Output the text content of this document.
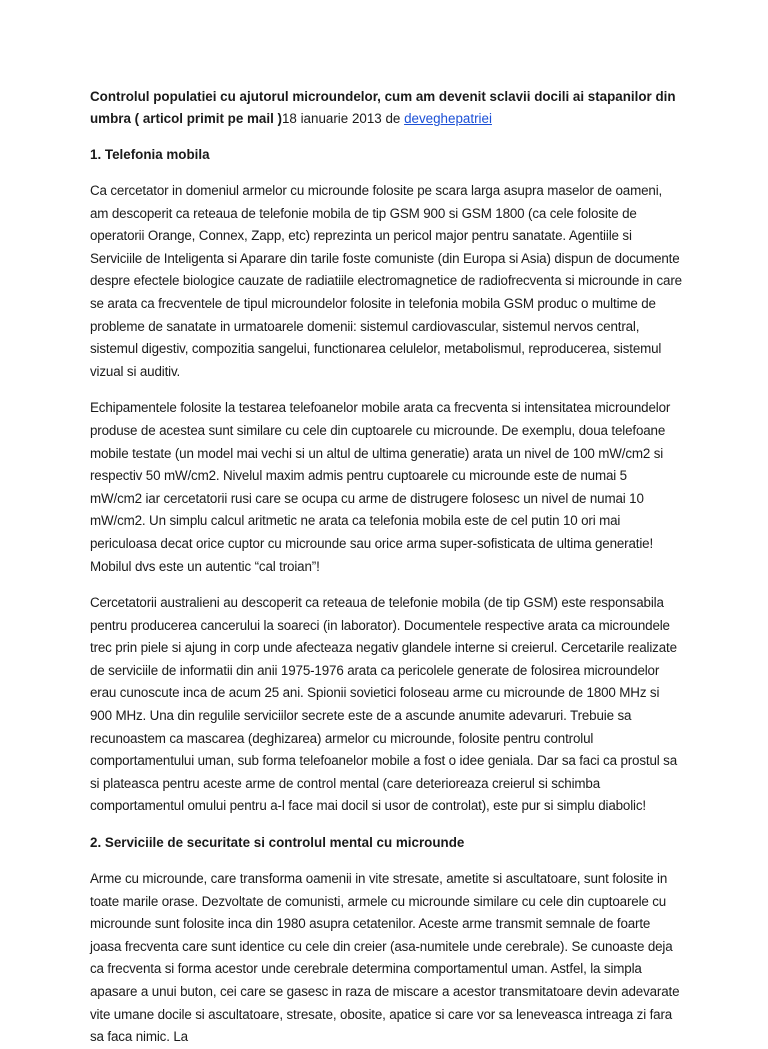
Controlul populatiei cu ajutorul microundelor, cum am devenit sclavii docili ai stapanilor din umbra ( articol primit pe mail )18 ianuarie 2013 de deveghepatriei

1. Telefonia mobila

Ca cercetator in domeniul armelor cu microunde folosite pe scara larga asupra maselor de oameni, am descoperit ca reteaua de telefonie mobila de tip GSM 900 si GSM 1800 (ca cele folosite de operatorii Orange, Connex, Zapp, etc) reprezinta un pericol major pentru sanatate. Agentiile si Serviciile de Inteligenta si Aparare din tarile foste comuniste (din Europa si Asia) dispun de documente despre efectele biologice cauzate de radiatiile electromagnetice de radiofrecventa si microunde in care se arata ca frecventele de tipul microundelor folosite in telefonia mobila GSM produc o multime de probleme de sanatate in urmatoarele domenii: sistemul cardiovascular, sistemul nervos central, sistemul digestiv, compozitia sangelui, functionarea celulelor, metabolismul, reproducerea, sistemul vizual si auditiv.

Echipamentele folosite la testarea telefoanelor mobile arata ca frecventa si intensitatea microundelor produse de acestea sunt similare cu cele din cuptoarele cu microunde. De exemplu, doua telefoane mobile testate (un model mai vechi si un altul de ultima generatie) arata un nivel de 100 mW/cm2 si respectiv 50 mW/cm2. Nivelul maxim admis pentru cuptoarele cu microunde este de numai 5 mW/cm2 iar cercetatorii rusi care se ocupa cu arme de distrugere folosesc un nivel de numai 10 mW/cm2. Un simplu calcul aritmetic ne arata ca telefonia mobila este de cel putin 10 ori mai periculoasa decat orice cuptor cu microunde sau orice arma super-sofisticata de ultima generatie! Mobilul dvs este un autentic “cal troian”!

Cercetatorii australieni au descoperit ca reteaua de telefonie mobila (de tip GSM) este responsabila pentru producerea cancerului la soareci (in laborator). Documentele respective arata ca microundele trec prin piele si ajung in corp unde afecteaza negativ glandele interne si creierul. Cercetarile realizate de serviciile de informatii din anii 1975-1976 arata ca pericolele generate de folosirea microundelor erau cunoscute inca de acum 25 ani. Spionii sovietici foloseau arme cu microunde de 1800 MHz si 900 MHz. Una din regulile serviciilor secrete este de a ascunde anumite adevaruri. Trebuie sa recunoastem ca mascarea (deghizarea) armelor cu microunde, folosite pentru controlul comportamentului uman, sub forma telefoanelor mobile a fost o idee geniala. Dar sa faci ca prostul sa si plateasca pentru aceste arme de control mental (care deterioreaza creierul si schimba comportamentul omului pentru a-l face mai docil si usor de controlat), este pur si simplu diabolic!

2. Serviciile de securitate si controlul mental cu microunde

Arme cu microunde, care transforma oamenii in vite stresate, ametite si ascultatoare, sunt folosite in toate marile orase. Dezvoltate de comunisti, armele cu microunde similare cu cele din cuptoarele cu microunde sunt folosite inca din 1980 asupra cetatenilor. Aceste arme transmit semnale de foarte joasa frecventa care sunt identice cu cele din creier (asa-numitele unde cerebrale). Se cunoaste deja ca frecventa si forma acestor unde cerebrale determina comportamentul uman. Astfel, la simpla apasare a unui buton, cei care se gasesc in raza de miscare a acestor transmitatoare devin adevarate vite umane docile si ascultatoare, stresate, obosite, apatice si care vor sa leneveasca intreaga zi fara sa faca nimic. La
